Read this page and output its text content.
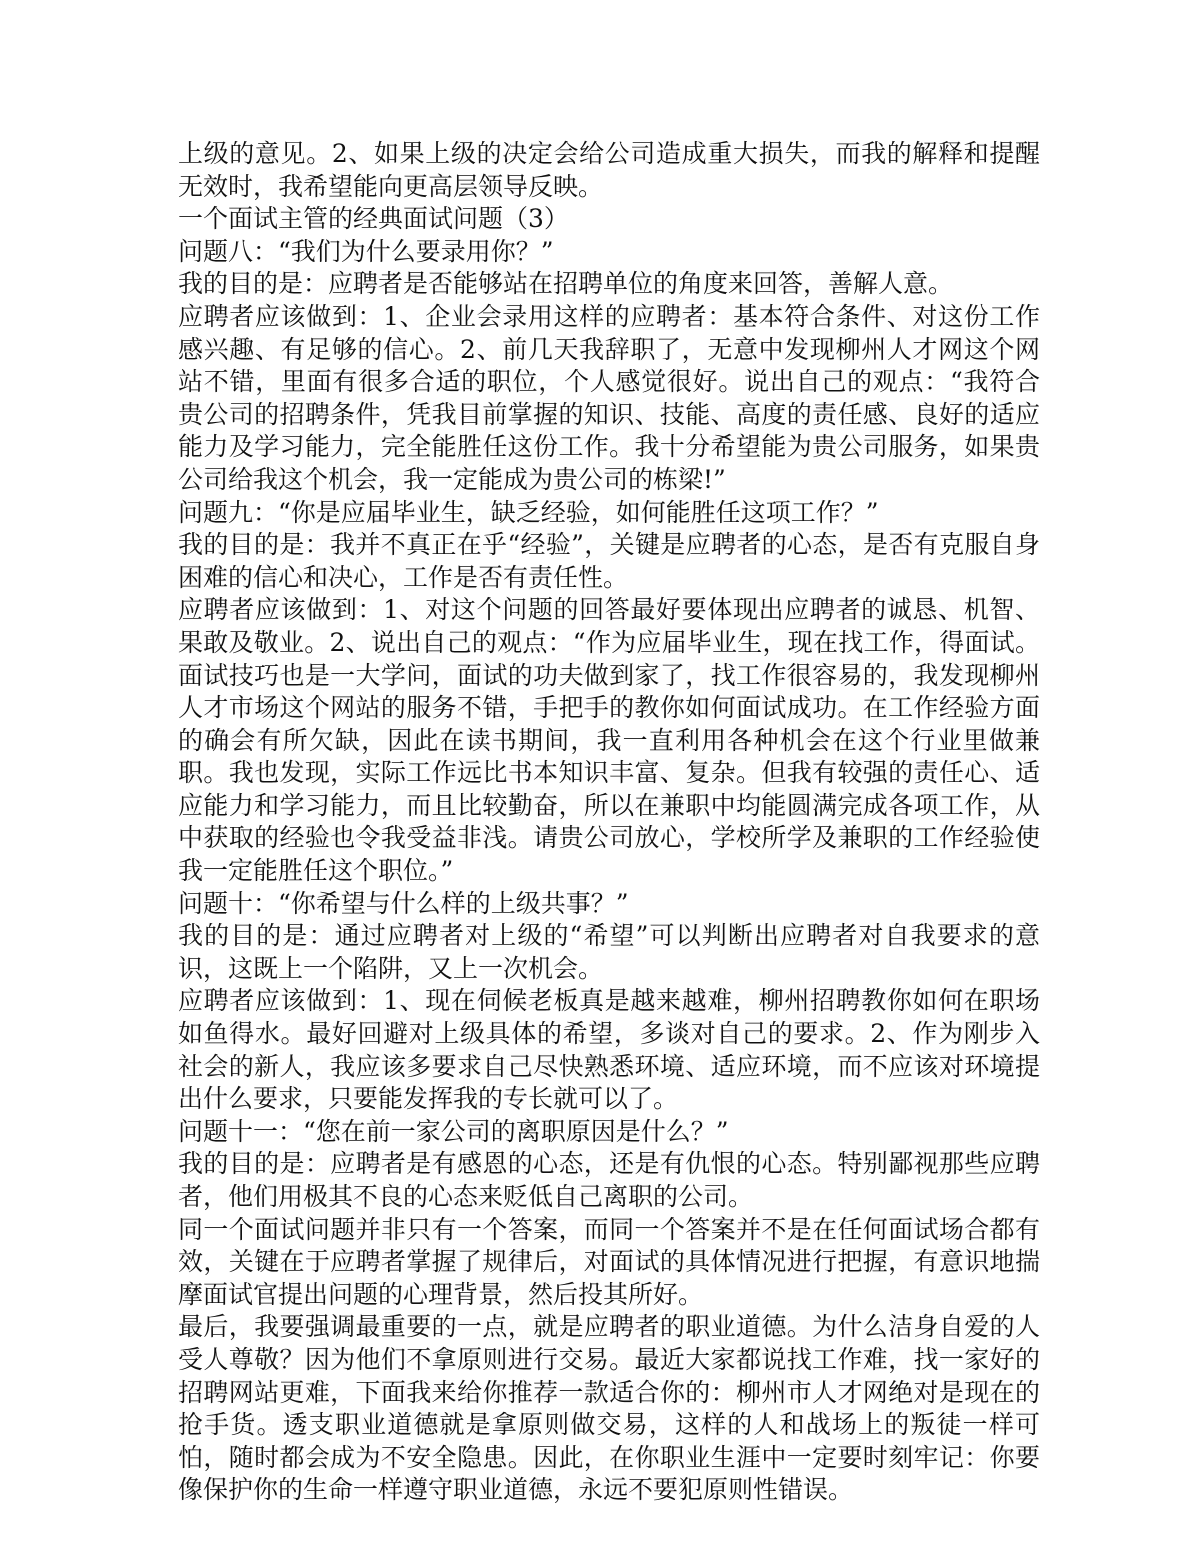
上级的意见。2、如果上级的决定会给公司造成重大损失，而我的解释和提醒无效时，我希望能向更高层领导反映。

一个面试主管的经典面试问题（3）

问题八：“我们为什么要录用你？”

我的目的是：应聘者是否能够站在招聘单位的角度来回答，善解人意。

应聘者应该做到：1、企业会录用这样的应聘者：基本符合条件、对这份工作感兴趣、有足够的信心。2、前几天我辞职了，无意中发现柳州人才网这个网站不错，里面有很多合适的职位，个人感觉很好。说出自己的观点：“我符合贵公司的招聘条件，凭我目前掌握的知识、技能、高度的责任感、良好的适应能力及学习能力，完全能胜任这份工作。我十分希望能为贵公司服务，如果贵公司给我这个机会，我一定能成为贵公司的栋梁!”

问题九：“你是应届毕业生，缺乏经验，如何能胜任这项工作？”

我的目的是：我并不真正在乎“经验”，关键是应聘者的心态，是否有克服自身困难的信心和决心，工作是否有责任性。

应聘者应该做到：1、对这个问题的回答最好要体现出应聘者的诚恳、机智、果敢及敬业。2、说出自己的观点：“作为应届毕业生，现在找工作，得面试。面试技巧也是一大学问，面试的功夫做到家了，找工作很容易的，我发现柳州人才市场这个网站的服务不错，手把手的教你如何面试成功。在工作经验方面的确会有所欠缺，因此在读书期间，我一直利用各种机会在这个行业里做兼职。我也发现，实际工作远比书本知识丰富、复杂。但我有较强的责任心、适应能力和学习能力，而且比较勤奋，所以在兼职中均能圆满完成各项工作，从中获取的经验也令我受益非浅。请贵公司放心，学校所学及兼职的工作经验使我一定能胜任这个职位。”

问题十：“你希望与什么样的上级共事？”

我的目的是：通过应聘者对上级的“希望”可以判断出应聘者对自我要求的意识，这既上一个陷阱，又上一次机会。

应聘者应该做到：1、现在伺候老板真是越来越难，柳州招聘教你如何在职场如鱼得水。最好回避对上级具体的希望，多谈对自己的要求。2、作为刚步入社会的新人，我应该多要求自己尽快熟悉环境、适应环境，而不应该对环境提出什么要求，只要能发挥我的专长就可以了。

问题十一：“您在前一家公司的离职原因是什么？”

我的目的是：应聘者是有感恩的心态，还是有仇恨的心态。特别鄙视那些应聘者，他们用极其不良的心态来贬低自己离职的公司。

同一个面试问题并非只有一个答案，而同一个答案并不是在任何面试场合都有效，关键在于应聘者掌握了规律后，对面试的具体情况进行把握，有意识地揣摩面试官提出问题的心理背景，然后投其所好。

最后，我要强调最重要的一点，就是应聘者的职业道德。为什么洁身自爱的人受人尊敬？因为他们不拿原则进行交易。最近大家都说找工作难，找一家好的招聘网站更难，下面我来给你推荐一款适合你的：柳州市人才网绝对是现在的抢手货。透支职业道德就是拿原则做交易，这样的人和战场上的叛徒一样可怕，随时都会成为不安全隐患。因此，在你职业生涯中一定要时刻牢记：你要像保护你的生命一样遵守职业道德，永远不要犯原则性错误。
